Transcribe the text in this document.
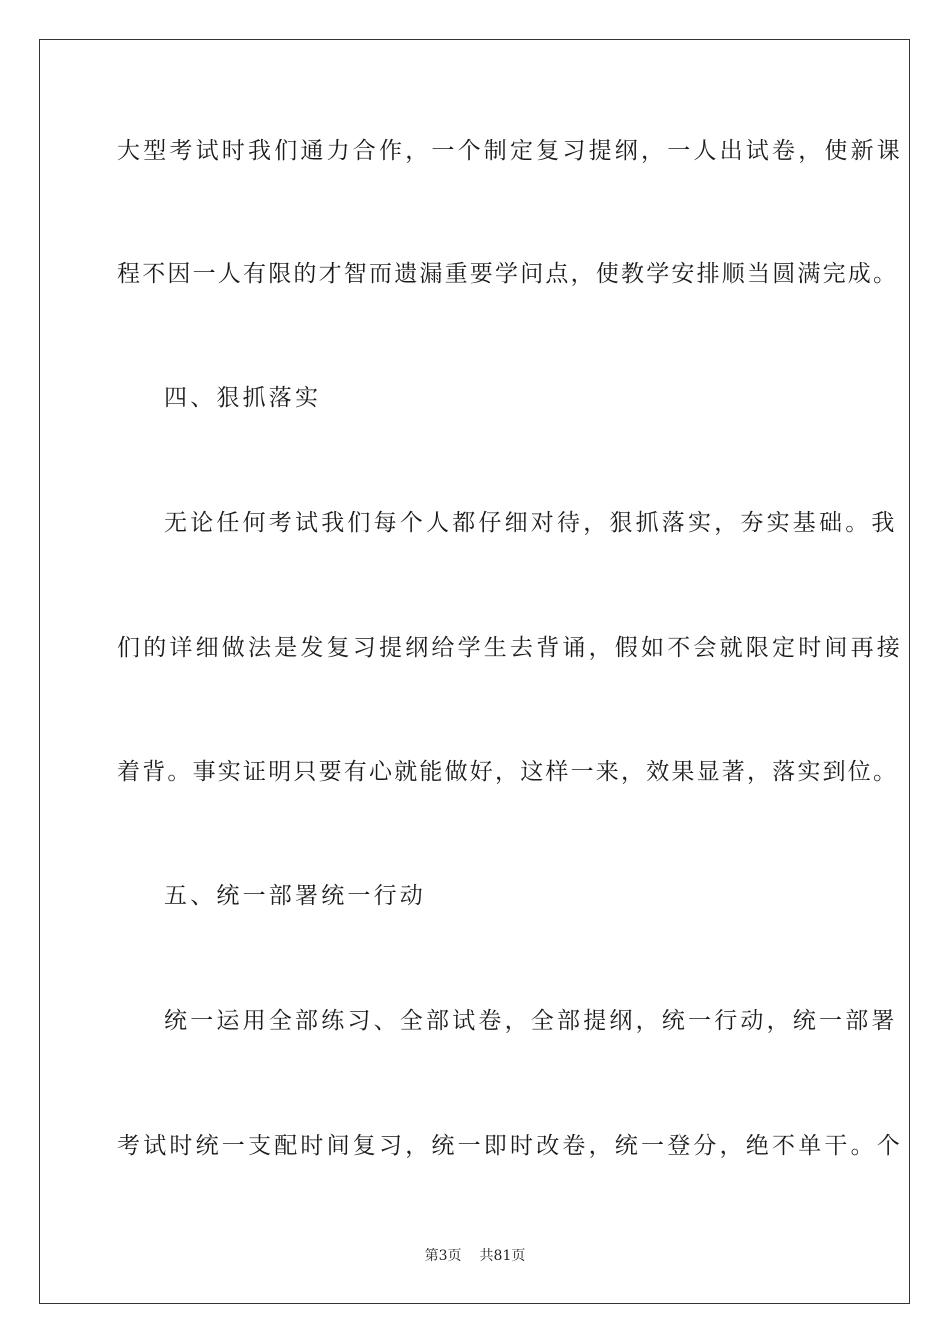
大型考试时我们通力合作，一个制定复习提纲，一人出试卷，使新课
程不因一人有限的才智而遗漏重要学问点，使教学安排顺当圆满完成。
四、狠抓落实
无论任何考试我们每个人都仔细对待，狠抓落实，夯实基础。我
们的详细做法是发复习提纲给学生去背诵，假如不会就限定时间再接
着背。事实证明只要有心就能做好，这样一来，效果显著，落实到位。
五、统一部署统一行动
统一运用全部练习、全部试卷，全部提纲，统一行动，统一部署
考试时统一支配时间复习，统一即时改卷，统一登分，绝不单干。个
第3页 共81页
